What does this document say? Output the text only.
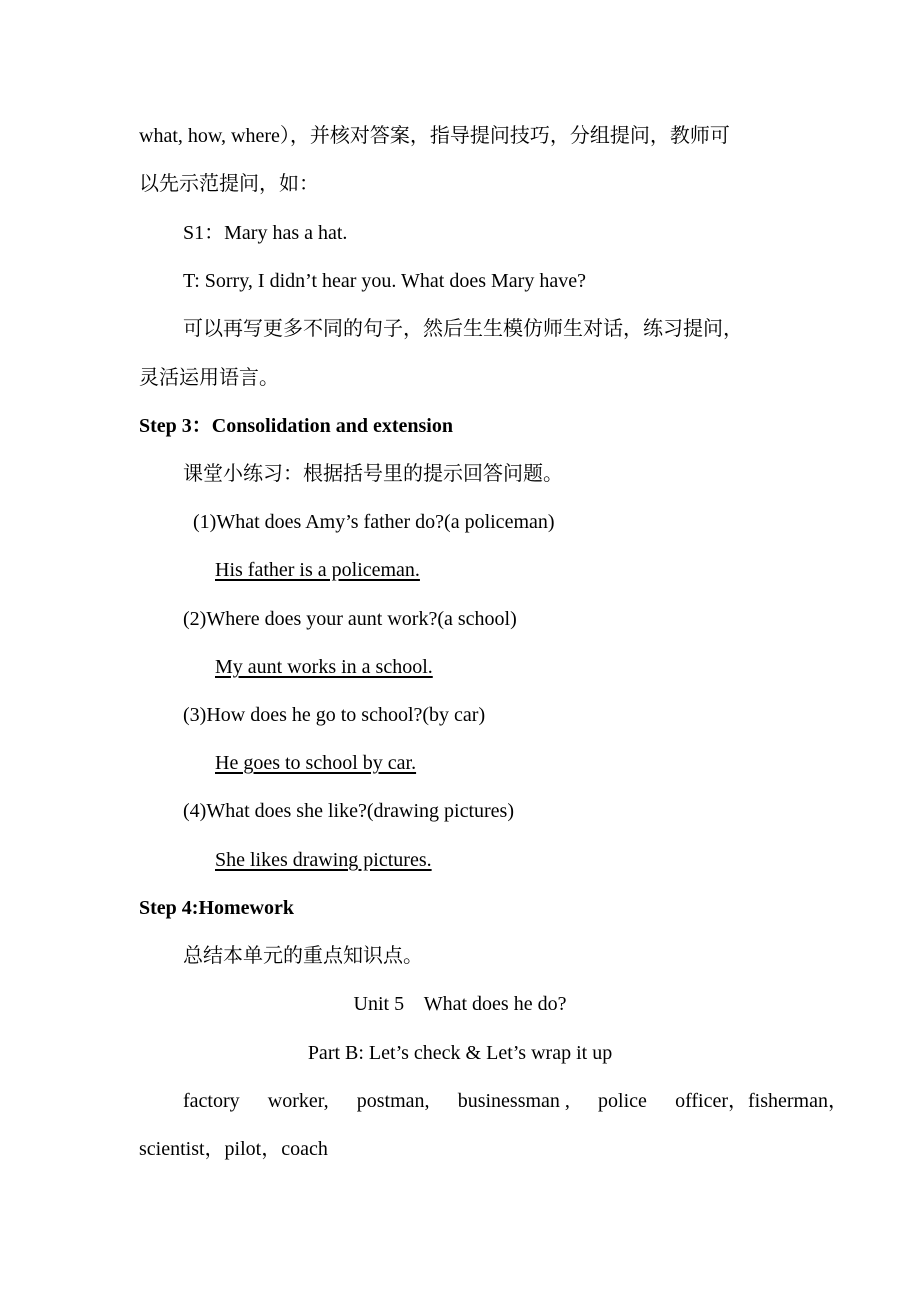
what, how, where），并核对答案，指导提问技巧，分组提问，教师可

以先示范提问，如：

S1：Mary has a hat.

T: Sorry, I didn’t hear you. What does Mary have?

可以再写更多不同的句子，然后生生模仿师生对话，练习提问，

灵活运用语言。

Step 3：Consolidation and extension

课堂小练习：根据括号里的提示回答问题。

(1)What does Amy’s father do?(a policeman)

His father is a policeman.

(2)Where does your aunt work?(a school)

My aunt works in a school.

(3)How does he go to school?(by car)

He goes to school by car.

(4)What does she like?(drawing pictures)

She likes drawing pictures.

Step 4:Homework

总结本单元的重点知识点。

Unit 5    What does he do?

Part B: Let’s check & Let’s wrap it up

factory worker, postman, businessman , police officer，fisherman，

scientist，pilot，coach
